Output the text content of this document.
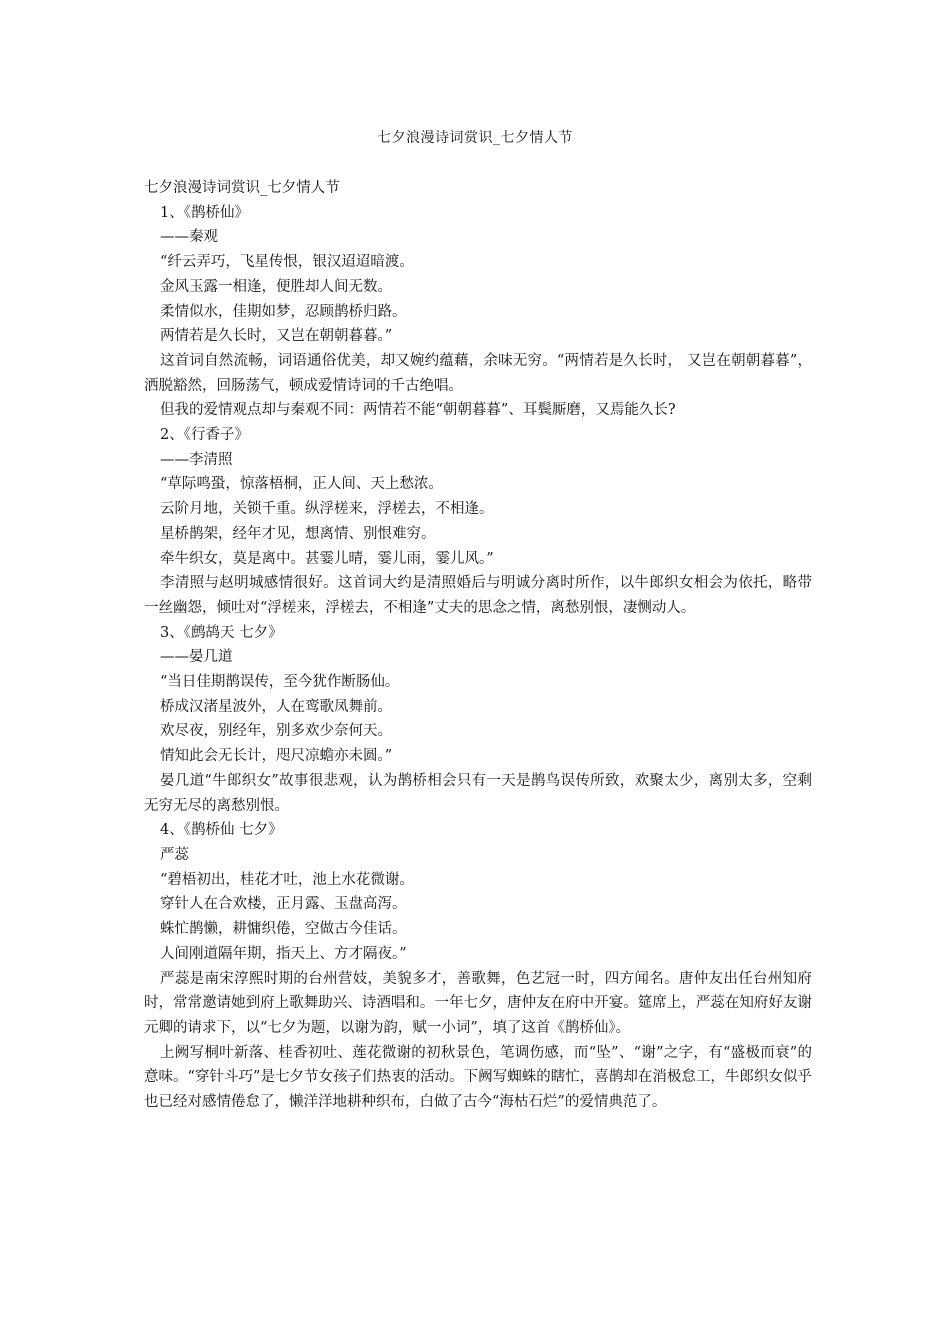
七夕浪漫诗词赏识_七夕情人节

七夕浪漫诗词赏识_七夕情人节

1、《鹊桥仙》

——秦观

“纤云弄巧，飞星传恨，银汉迢迢暗渡。

金风玉露一相逢，便胜却人间无数。

柔情似水，佳期如梦，忍顾鹊桥归路。

两情若是久长时，又岂在朝朝暮暮。”

这首词自然流畅，词语通俗优美，却又婉约蕴藉，余味无穷。“两情若是久长时， 又岂在朝朝暮暮”，洒脱豁然，回肠荡气，顿成爱情诗词的千古绝唱。

但我的爱情观点却与秦观不同：两情若不能“朝朝暮暮”、耳鬓厮磨，又焉能久长?

2、《行香子》

——李清照

“草际鸣蛩，惊落梧桐，正人间、天上愁浓。

云阶月地，关锁千重。纵浮槎来，浮槎去，不相逢。

星桥鹊架，经年才见，想离情、别恨难穷。

牵牛织女，莫是离中。甚霎儿晴，霎儿雨，霎儿风。”

李清照与赵明城感情很好。这首词大约是清照婚后与明诚分离时所作，以牛郎织女相会为依托，略带一丝幽怨，倾吐对“浮槎来，浮槎去，不相逢”丈夫的思念之情，离愁别恨，凄恻动人。

3、《鹧鸪天 七夕》

——晏几道

“当日佳期鹊误传，至今犹作断肠仙。

桥成汉渚星波外，人在鸾歌凤舞前。

欢尽夜，别经年，别多欢少奈何天。

情知此会无长计，咫尺凉蟾亦未圆。”

晏几道“牛郎织女”故事很悲观，认为鹊桥相会只有一天是鹊鸟误传所致，欢聚太少，离别太多，空剩无穷无尽的离愁别恨。

4、《鹊桥仙 七夕》

严蕊

“碧梧初出，桂花才吐，池上水花微谢。

穿针人在合欢楼，正月露、玉盘高泻。

蛛忙鹊懒，耕慵织倦，空做古今佳话。

人间刚道隔年期，指天上、方才隔夜。”

严蕊是南宋淳熙时期的台州营妓，美貌多才，善歌舞，色艺冠一时，四方闻名。唐仲友出任台州知府时，常常邀请她到府上歌舞助兴、诗酒唱和。一年七夕，唐仲友在府中开宴。筵席上，严蕊在知府好友谢元卿的请求下，以“七夕为题，以谢为韵，赋一小词”，填了这首《鹊桥仙》。

上阙写桐叶新落、桂香初吐、莲花微谢的初秋景色，笔调伤感，而“坠”、“谢”之字，有“盛极而衰”的意味。“穿针斗巧”是七夕节女孩子们热衷的活动。下阙写蜘蛛的瞎忙，喜鹊却在消极怠工，牛郎织女似乎也已经对感情倦怠了，懒洋洋地耕种织布，白做了古今“海枯石烂”的爱情典范了。
